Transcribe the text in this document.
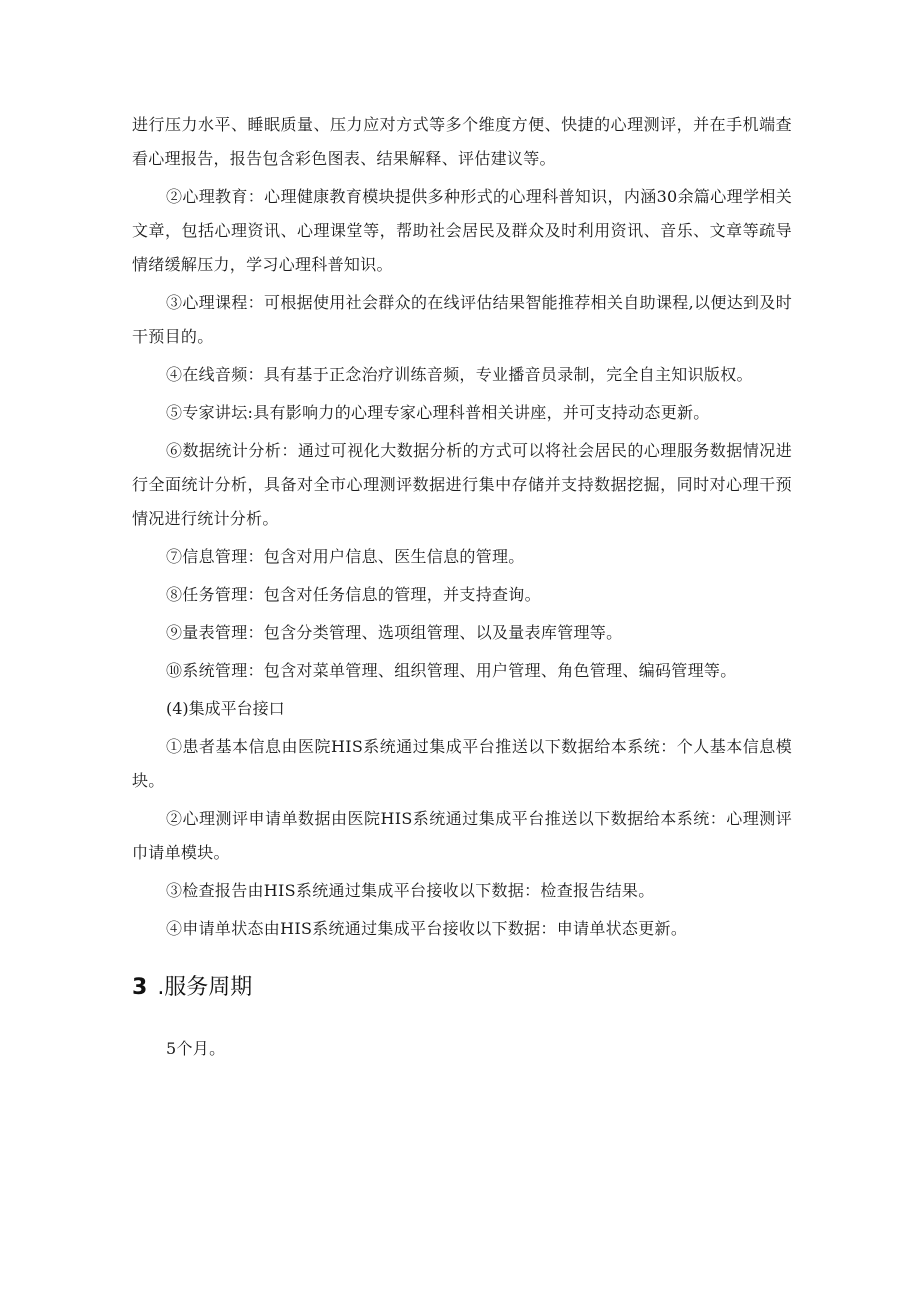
进行压力水平、睡眠质量、压力应对方式等多个维度方便、快捷的心理测评，并在手机端查看心理报告，报告包含彩色图表、结果解释、评估建议等。

②心理教育：心理健康教育模块提供多种形式的心理科普知识，内涵30余篇心理学相关文章，包括心理资讯、心理课堂等，帮助社会居民及群众及时利用资讯、音乐、文章等疏导情绪缓解压力，学习心理科普知识。

③心理课程：可根据使用社会群众的在线评估结果智能推荐相关自助课程,以便达到及时干预目的。

④在线音频：具有基于正念治疗训练音频，专业播音员录制，完全自主知识版权。

⑤专家讲坛:具有影响力的心理专家心理科普相关讲座，并可支持动态更新。

⑥数据统计分析：通过可视化大数据分析的方式可以将社会居民的心理服务数据情况进行全面统计分析，具备对全市心理测评数据进行集中存储并支持数据挖掘，同时对心理干预情况进行统计分析。

⑦信息管理：包含对用户信息、医生信息的管理。

⑧任务管理：包含对任务信息的管理，并支持查询。

⑨量表管理：包含分类管理、选项组管理、以及量表库管理等。

⑩系统管理：包含对菜单管理、组织管理、用户管理、角色管理、编码管理等。

(4)集成平台接口

①患者基本信息由医院HIS系统通过集成平台推送以下数据给本系统：个人基本信息模块。

②心理测评申请单数据由医院HIS系统通过集成平台推送以下数据给本系统：心理测评巾请单模块。

③检查报告由HIS系统通过集成平台接收以下数据：检查报告结果。

④申请单状态由HIS系统通过集成平台接收以下数据：申请单状态更新。

3 .服务周期

5个月。
